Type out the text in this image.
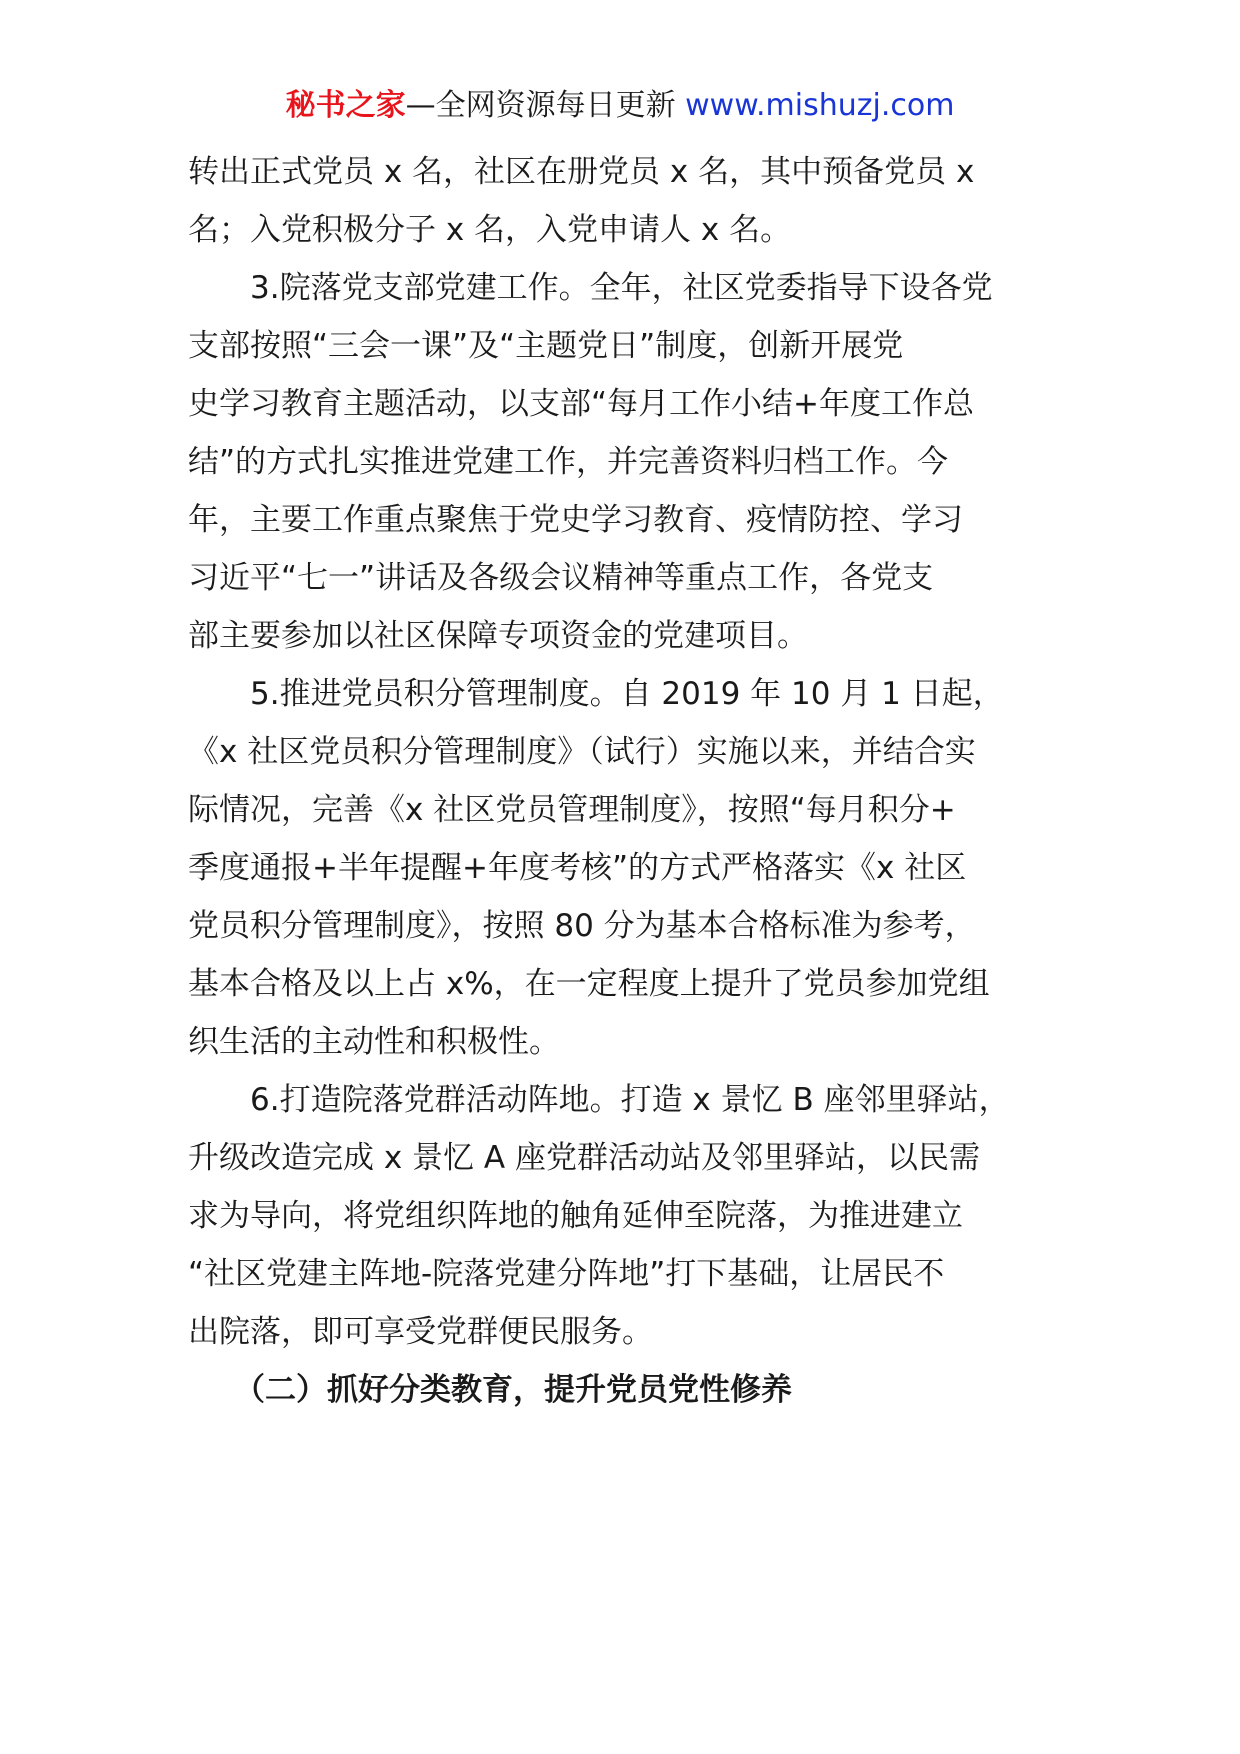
秘书之家—全网资源每日更新 www.mishuzj.com
转出正式党员 x 名，社区在册党员 x 名，其中预备党员 x
名；入党积极分子 x 名，入党申请人 x 名。
3.院落党支部党建工作。全年，社区党委指导下设各党
支部按照“三会一课”及“主题党日”制度，创新开展党
史学习教育主题活动，以支部“每月工作小结+年度工作总
结”的方式扎实推进党建工作，并完善资料归档工作。今
年，主要工作重点聚焦于党史学习教育、疫情防控、学习
习近平“七一”讲话及各级会议精神等重点工作，各党支
部主要参加以社区保障专项资金的党建项目。
5.推进党员积分管理制度。自 2019 年 10 月 1 日起，
《x 社区党员积分管理制度》（试行）实施以来，并结合实
际情况，完善《x 社区党员管理制度》，按照“每月积分+
季度通报+半年提醒+年度考核”的方式严格落实《x 社区
党员积分管理制度》，按照 80 分为基本合格标准为参考，
基本合格及以上占 x%，在一定程度上提升了党员参加党组
织生活的主动性和积极性。
6.打造院落党群活动阵地。打造 x 景忆 B 座邻里驿站，
升级改造完成 x 景忆 A 座党群活动站及邻里驿站，以民需
求为导向，将党组织阵地的触角延伸至院落，为推进建立
“社区党建主阵地-院落党建分阵地”打下基础，让居民不
出院落，即可享受党群便民服务。
（二）抓好分类教育，提升党员党性修养
